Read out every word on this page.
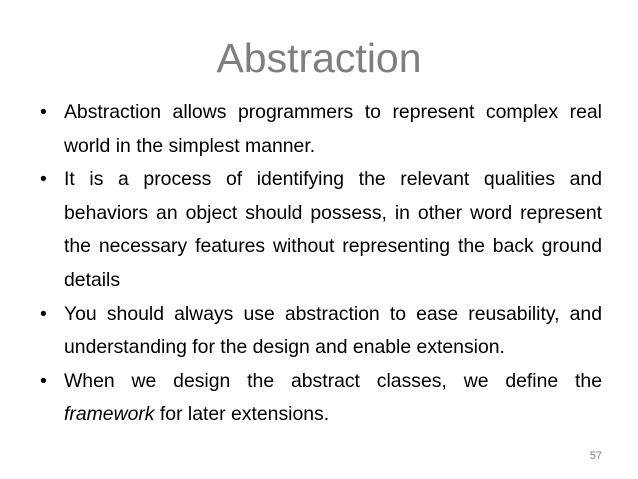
Abstraction
• Abstraction allows programmers to represent complex real world in the simplest manner.
• It is a process of identifying the relevant qualities and behaviors an object should possess, in other word represent the necessary features without representing the back ground details
• You should always use abstraction to ease reusability, and understanding for the design and enable extension.
• When we design the abstract classes, we define the framework for later extensions.
57
